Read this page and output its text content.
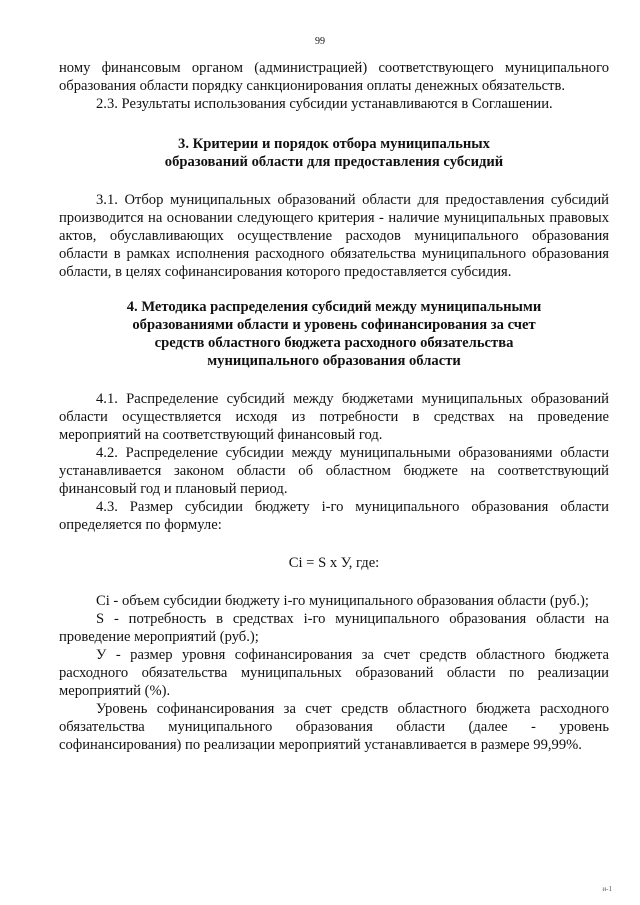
99

ному финансовым органом (администрацией) соответствующего муниципального образования области порядку санкционирования оплаты денежных обязательств.

2.3. Результаты использования субсидии устанавливаются в Соглашении.

3. Критерии и порядок отбора муниципальных
образований области для предоставления субсидий

3.1. Отбор муниципальных образований области для предоставления субсидий производится на основании следующего критерия - наличие муниципальных правовых актов, обуславливающих осуществление расходов муниципального образования области в рамках исполнения расходного обязательства муниципального образования области, в целях софинансирования которого предоставляется субсидия.

4. Методика распределения субсидий между муниципальными
образованиями области и уровень софинансирования за счет
средств областного бюджета расходного обязательства
муниципального образования области

4.1. Распределение субсидий между бюджетами муниципальных образований области осуществляется исходя из потребности в средствах на проведение мероприятий на соответствующий финансовый год.

4.2. Распределение субсидии между муниципальными образованиями области устанавливается законом области об областном бюджете на соответствующий финансовый год и плановый период.

4.3. Размер субсидии бюджету i-го муниципального образования области определяется по формуле:

Ci = S х У, где:

Ci - объем субсидии бюджету i-го муниципального образования области (руб.);

S - потребность в средствах i-го муниципального образования области на проведение мероприятий (руб.);

У - размер уровня софинансирования за счет средств областного бюджета расходного обязательства муниципальных образований области по реализации мероприятий (%).

Уровень софинансирования за счет средств областного бюджета расходного обязательства муниципального образования области (далее - уровень софинансирования) по реализации мероприятий устанавливается в размере 99,99%.

и-1
